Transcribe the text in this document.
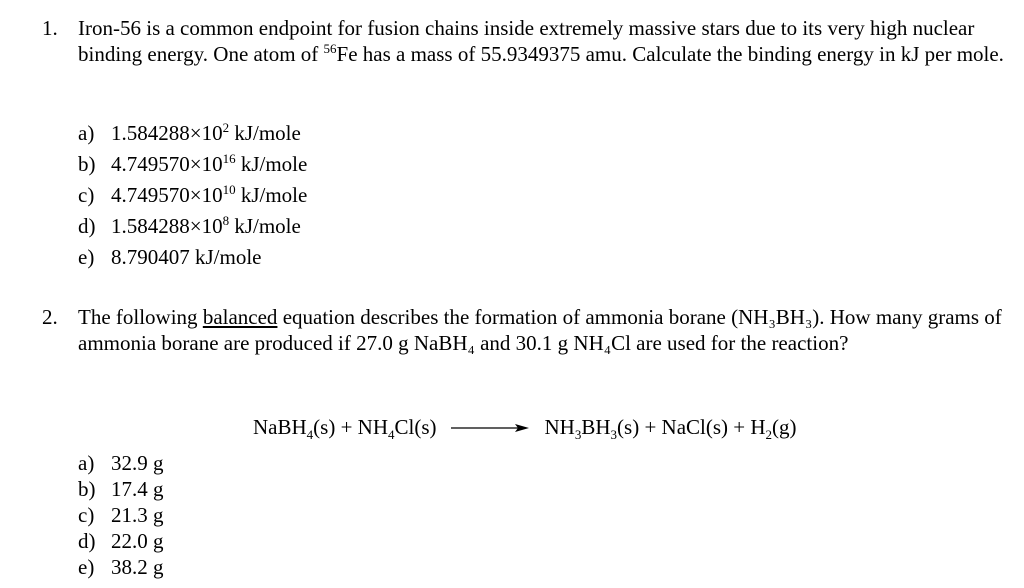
1. Iron-56 is a common endpoint for fusion chains inside extremely massive stars due to its very high nuclear binding energy. One atom of $^{56}$Fe has a mass of 55.9349375 amu. Calculate the binding energy in kJ per mole.
a) $1.584288\times 10^2$ kJ/mole
b) $4.749570\times 10^{16}$ kJ/mole
c) $4.749570\times 10^{10}$ kJ/mole
d) $1.584288\times 10^8$ kJ/mole
e) 8.790407 kJ/mole
2. The following balanced equation describes the formation of ammonia borane (NH₃BH₃). How many grams of ammonia borane are produced if 27.0 g NaBH₄ and 30.1 g NH₄Cl are used for the reaction?
NaBH$_4$(s) + $NH_4Cl(s) \to NH_3BH_3(s)$ + NaCl(s) + $H_2(g)$
a) 32.9 g
b) 17.4 g
c) 21.3 g
d) 22.0 g
e) 38.2 g
